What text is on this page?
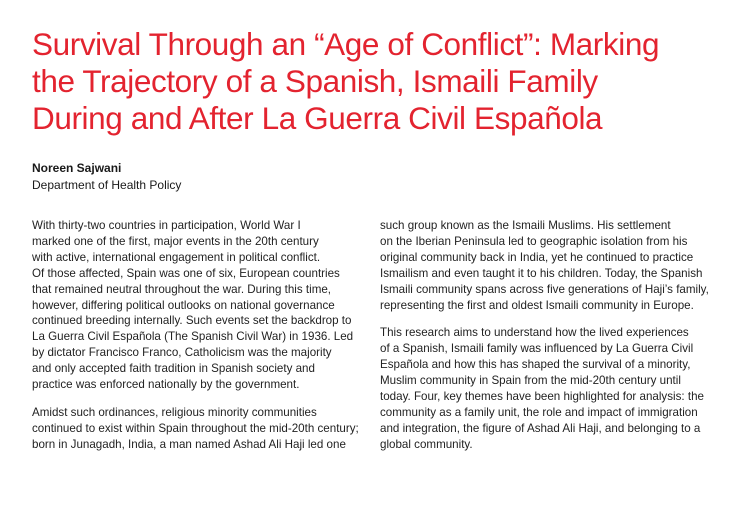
Survival Through an “Age of Conflict”: Marking
the Trajectory of a Spanish, Ismaili Family
During and After La Guerra Civil Española
Noreen Sajwani
Department of Health Policy

With thirty-two countries in participation, World War I
marked one of the first, major events in the 20th century
with active, international engagement in political conflict.
Of those affected, Spain was one of six, European countries
that remained neutral throughout the war. During this time,
however, differing political outlooks on national governance
continued breeding internally. Such events set the backdrop to
La Guerra Civil Española (The Spanish Civil War) in 1936. Led
by dictator Francisco Franco, Catholicism was the majority
and only accepted faith tradition in Spanish society and
practice was enforced nationally by the government.

Amidst such ordinances, religious minority communities
continued to exist within Spain throughout the mid-20th century;
born in Junagadh, India, a man named Ashad Ali Haji led one

such group known as the Ismaili Muslims. His settlement
on the Iberian Peninsula led to geographic isolation from his
original community back in India, yet he continued to practice
Ismailism and even taught it to his children. Today, the Spanish
Ismaili community spans across five generations of Haji’s family,
representing the first and oldest Ismaili community in Europe.

This research aims to understand how the lived experiences
of a Spanish, Ismaili family was influenced by La Guerra Civil
Española and how this has shaped the survival of a minority,
Muslim community in Spain from the mid-20th century until
today. Four, key themes have been highlighted for analysis: the
community as a family unit, the role and impact of immigration
and integration, the figure of Ashad Ali Haji, and belonging to a
global community.
